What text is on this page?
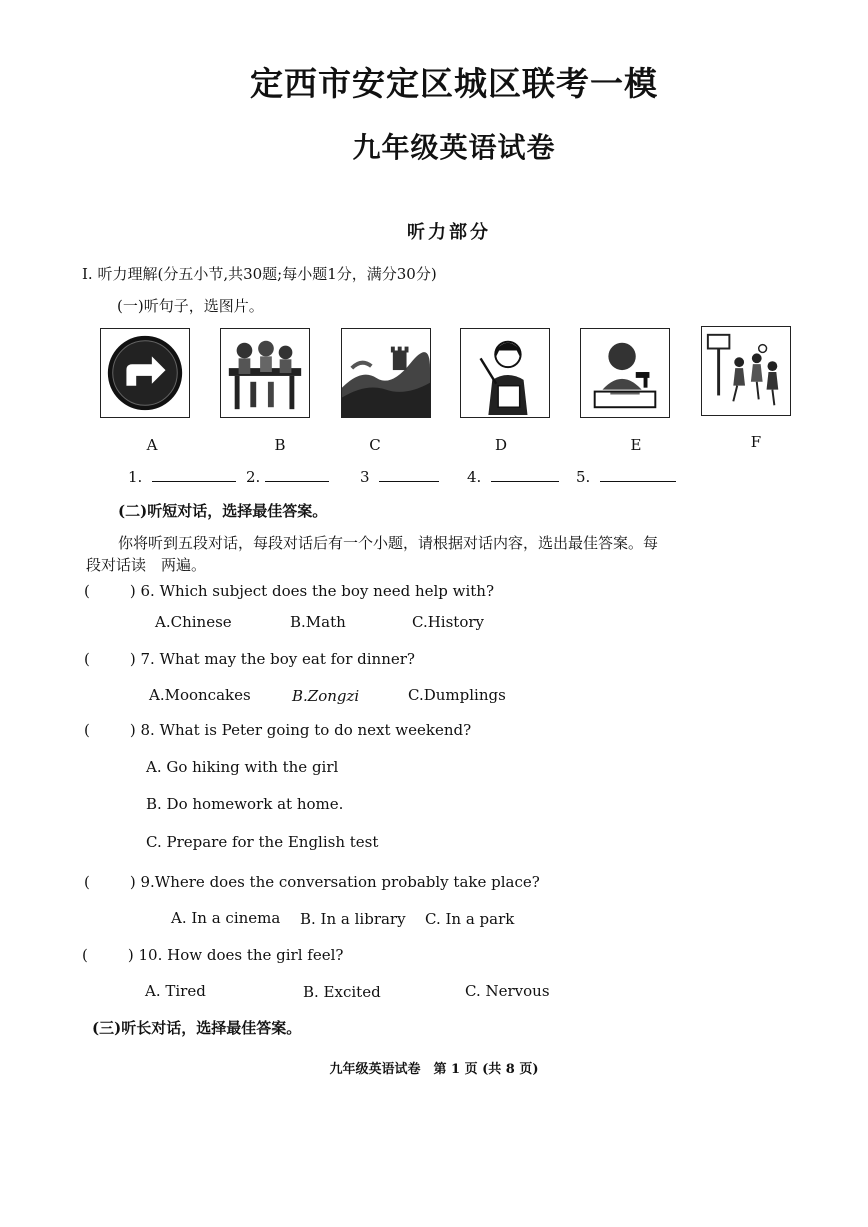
定西市安定区城区联考一模
九年级英语试卷
听力部分
I. 听力理解(分五小节,共30题;每小题1分，满分30分)
(一)听句子，选图片。
A	B	C	D	E	F
1.	2.	3	4.	5.
(二)听短对话，选择最佳答案。
你将听到五段对话，每段对话后有一个小题，请根据对话内容，选出最佳答案。每
段对话读　两遍。
(	) 6. Which subject does the boy need help with?
A.Chinese	B.Math	C.History
(	) 7. What may the boy eat for dinner?
A.Mooncakes	B.Zongzi	C.Dumplings
(	) 8. What is Peter going to do next weekend?
A. Go hiking with the girl
B. Do homework at home.
C. Prepare for the English test
(	) 9.Where does the conversation probably take place?
A. In a cinema B. In a library C. In a park
(	) 10. How does the girl feel?
A. Tired	B. Excited	C. Nervous
(三)听长对话，选择最佳答案。
九年级英语试卷　第 1 页 (共 8 页)
